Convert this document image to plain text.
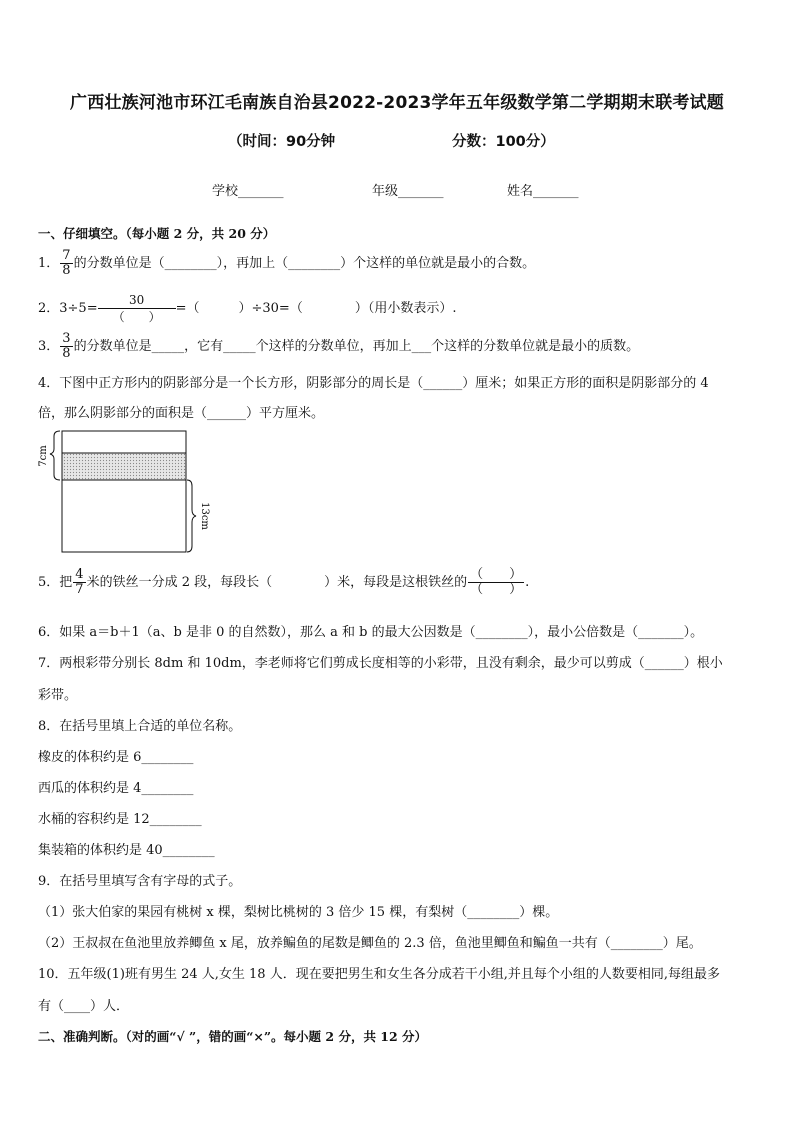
广西壮族河池市环江毛南族自治县2022-2023学年五年级数学第二学期期末联考试题
（时间：90分钟	分数：100分）
学校_______	年级_______	姓名_______
一、仔细填空。（每小题 2 分，共 20 分）
1． $\frac{7}{8}$ 的分数单位是（________），再加上（________）个这样的单位就是最小的合数。
2．$3\div 5= \frac{30}{( )}$ =（　　　）÷30=（　　　　）（用小数表示）.
3． $\frac{3}{8}$ 的分数单位是_____，它有_____个这样的分数单位，再加上___个这样的分数单位就是最小的质数。
4．下图中正方形内的阴影部分是一个长方形，阴影部分的周长是（______）厘米；如果正方形的面积是阴影部分的 4
倍，那么阴影部分的面积是（______）平方厘米。
7cm
13cm
5．把 $\frac{4}{7}$ 米的铁丝一分成 2 段，每段长（　　　　）米，每段是这根铁丝的 $\frac{( )}{( )}$ .
6．如果 a＝b＋1（a、b 是非 0 的自然数），那么 a 和 b 的最大公因数是（________），最小公倍数是（_______）。
7．两根彩带分别长 8dm 和 10dm，李老师将它们剪成长度相等的小彩带，且没有剩余，最少可以剪成（______）根小
彩带。
8．在括号里填上合适的单位名称。
橡皮的体积约是 6________
西瓜的体积约是 4________
水桶的容积约是 12________
集装箱的体积约是 40________
9．在括号里填写含有字母的式子。
（1）张大伯家的果园有桃树 x 棵，梨树比桃树的 3 倍少 15 棵，有梨树（________）棵。
（2）王叔叔在鱼池里放养鲫鱼 x 尾，放养鳊鱼的尾数是鲫鱼的 2.3 倍，鱼池里鲫鱼和鳊鱼一共有（________）尾。
10．五年级(1)班有男生 24 人,女生 18 人．现在要把男生和女生各分成若干小组,并且每个小组的人数要相同,每组最多
有（____）人．
二、准确判断。（对的画“√ ”，错的画“×”。每小题 2 分，共 12 分）
